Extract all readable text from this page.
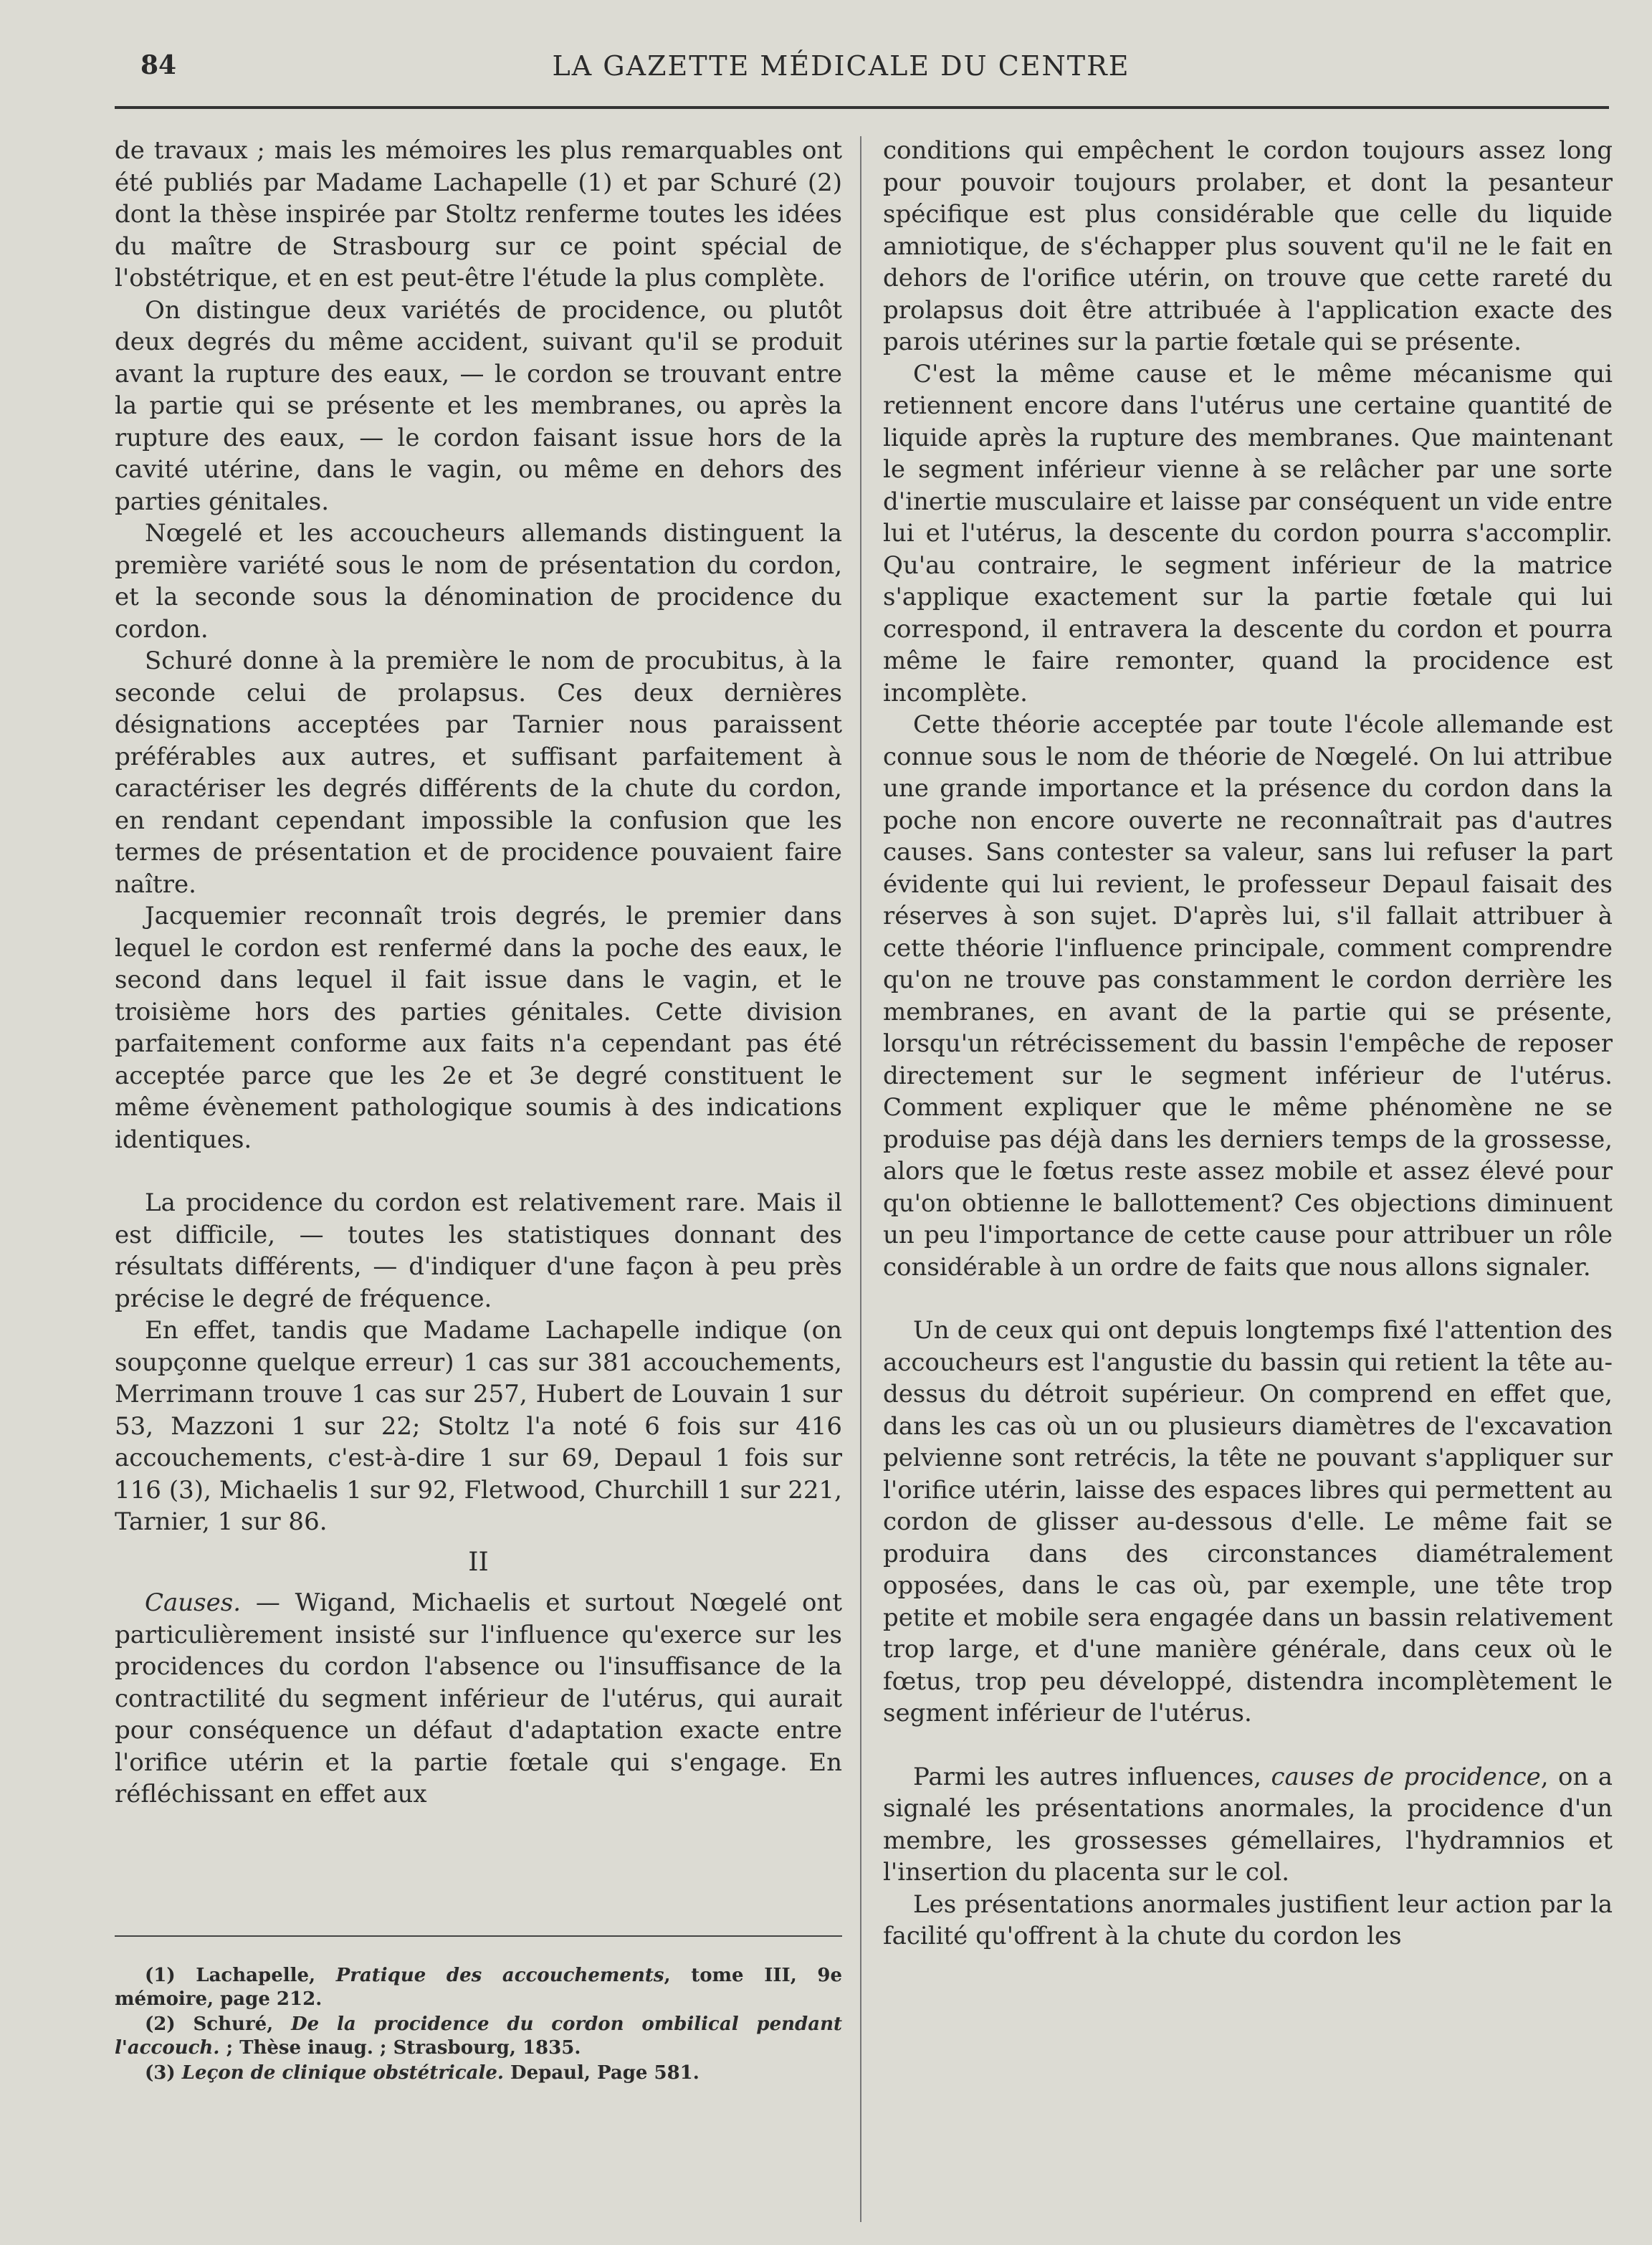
84	LA GAZETTE MÉDICALE DU CENTRE

de travaux ; mais les mémoires les plus remarquables ont été publiés par Madame Lachapelle (1) et par Schuré (2) dont la thèse inspirée par Stoltz renferme toutes les idées du maître de Strasbourg sur ce point spécial de l'obstétrique, et en est peut-être l'étude la plus complète.

On distingue deux variétés de procidence, ou plutôt deux degrés du même accident, suivant qu'il se produit avant la rupture des eaux, — le cordon se trouvant entre la partie qui se présente et les membranes, ou après la rupture des eaux, — le cordon faisant issue hors de la cavité utérine, dans le vagin, ou même en dehors des parties génitales.

Nœgelé et les accoucheurs allemands distinguent la première variété sous le nom de présentation du cordon, et la seconde sous la dénomination de procidence du cordon.

Schuré donne à la première le nom de procubitus, à la seconde celui de prolapsus. Ces deux dernières désignations acceptées par Tarnier nous paraissent préférables aux autres, et suffisant parfaitement à caractériser les degrés différents de la chute du cordon, en rendant cependant impossible la confusion que les termes de présentation et de procidence pouvaient faire naître.

Jacquemier reconnaît trois degrés, le premier dans lequel le cordon est renfermé dans la poche des eaux, le second dans lequel il fait issue dans le vagin, et le troisième hors des parties génitales. Cette division parfaitement conforme aux faits n'a cependant pas été acceptée parce que les 2e et 3e degré constituent le même évènement pathologique soumis à des indications identiques.

La procidence du cordon est relativement rare. Mais il est difficile, — toutes les statistiques donnant des résultats différents, — d'indiquer d'une façon à peu près précise le degré de fréquence.

En effet, tandis que Madame Lachapelle indique (on soupçonne quelque erreur) 1 cas sur 381 accouchements, Merrimann trouve 1 cas sur 257, Hubert de Louvain 1 sur 53, Mazzoni 1 sur 22; Stoltz l'a noté 6 fois sur 416 accouchements, c'est-à-dire 1 sur 69, Depaul 1 fois sur 116 (3), Michaelis 1 sur 92, Fletwood, Churchill 1 sur 221, Tarnier, 1 sur 86.

II

Causes. — Wigand, Michaelis et surtout Nœgelé ont particulièrement insisté sur l'influence qu'exerce sur les procidences du cordon l'absence ou l'insuffisance de la contractilité du segment inférieur de l'utérus, qui aurait pour conséquence un défaut d'adaptation exacte entre l'orifice utérin et la partie fœtale qui s'engage. En réfléchissant en effet aux

conditions qui empêchent le cordon toujours assez long pour pouvoir toujours prolaber, et dont la pesanteur spécifique est plus considérable que celle du liquide amniotique, de s'échapper plus souvent qu'il ne le fait en dehors de l'orifice utérin, on trouve que cette rareté du prolapsus doit être attribuée à l'application exacte des parois utérines sur la partie fœtale qui se présente.

C'est la même cause et le même mécanisme qui retiennent encore dans l'utérus une certaine quantité de liquide après la rupture des membranes. Que maintenant le segment inférieur vienne à se relâcher par une sorte d'inertie musculaire et laisse par conséquent un vide entre lui et l'utérus, la descente du cordon pourra s'accomplir. Qu'au contraire, le segment inférieur de la matrice s'applique exactement sur la partie fœtale qui lui correspond, il entravera la descente du cordon et pourra même le faire remonter, quand la procidence est incomplète.

Cette théorie acceptée par toute l'école allemande est connue sous le nom de théorie de Nœgelé. On lui attribue une grande importance et la présence du cordon dans la poche non encore ouverte ne reconnaîtrait pas d'autres causes. Sans contester sa valeur, sans lui refuser la part évidente qui lui revient, le professeur Depaul faisait des réserves à son sujet. D'après lui, s'il fallait attribuer à cette théorie l'influence principale, comment comprendre qu'on ne trouve pas constamment le cordon derrière les membranes, en avant de la partie qui se présente, lorsqu'un rétrécissement du bassin l'empêche de reposer directement sur le segment inférieur de l'utérus. Comment expliquer que le même phénomène ne se produise pas déjà dans les derniers temps de la grossesse, alors que le fœtus reste assez mobile et assez élevé pour qu'on obtienne le ballottement? Ces objections diminuent un peu l'importance de cette cause pour attribuer un rôle considérable à un ordre de faits que nous allons signaler.

Un de ceux qui ont depuis longtemps fixé l'attention des accoucheurs est l'angustie du bassin qui retient la tête au-dessus du détroit supérieur. On comprend en effet que, dans les cas où un ou plusieurs diamètres de l'excavation pelvienne sont retrécis, la tête ne pouvant s'appliquer sur l'orifice utérin, laisse des espaces libres qui permettent au cordon de glisser au-dessous d'elle. Le même fait se produira dans des circonstances diamétralement opposées, dans le cas où, par exemple, une tête trop petite et mobile sera engagée dans un bassin relativement trop large, et d'une manière générale, dans ceux où le fœtus, trop peu développé, distendra incomplètement le segment inférieur de l'utérus.

Parmi les autres influences, causes de procidence, on a signalé les présentations anormales, la procidence d'un membre, les grossesses gémellaires, l'hydramnios et l'insertion du placenta sur le col.

Les présentations anormales justifient leur action par la facilité qu'offrent à la chute du cordon les

(1) Lachapelle, Pratique des accouchements, tome III, 9e mémoire, page 212.

(2) Schuré, De la procidence du cordon ombilical pendant l'accouch. ; Thèse inaug. ; Strasbourg, 1835.

(3) Leçon de clinique obstétricale. Depaul, Page 581.
